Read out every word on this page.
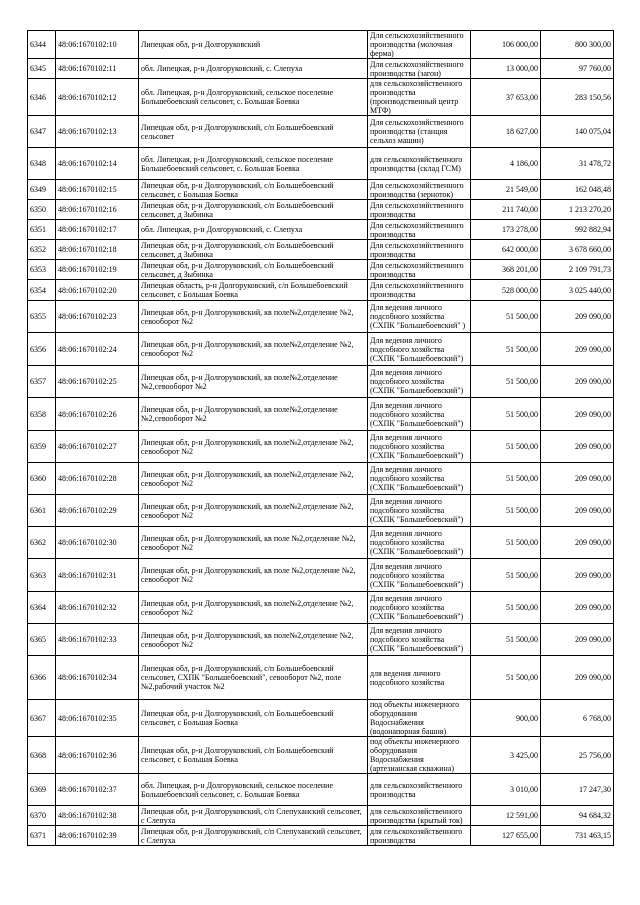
6344	48:06:1670102:10	Липецкая обл, р-н Долгоруковский	Для сельскохозяйственного производства (молочная ферма)	106 000,00	800 300,00
6345	48:06:1670102:11	обл. Липецкая, р-н Долгоруковский, с. Слепуха	Для сельскохозяйственного производства (загон)	13 000,00	97 760,00
6346	48:06:1670102:12	обл. Липецкая, р-н Долгоруковский, сельское поселение Большебоевский сельсовет, с. Большая Боевка	для сельскохозяйственного производства (производственный центр МТФ)	37 653,00	283 150,56
6347	48:06:1670102:13	Липецкая обл, р-н Долгоруковский, с/п Большебоевский сельсовет	Для сельскохозяйственного производства (станция сельхоз машин)	18 627,00	140 075,04
6348	48:06:1670102:14	обл. Липецкая, р-н Долгоруковский, сельское поселение Большебоевский сельсовет, с. Большая Боевка	для сельскохозяйственного производства (склад ГСМ)	4 186,00	31 478,72
6349	48:06:1670102:15	Липецкая обл, р-н Долгоруковский, с/п Большебоевский сельсовет, с Большая Боевка	Для сельскохозяйственного производства (зерноток)	21 549,00	162 048,48
6350	48:06:1670102:16	Липецкая обл, р-н Долгоруковский, с/п Большебоевский сельсовет, д Зыбинка	Для сельскохозяйственного производства	211 740,00	1 213 270,20
6351	48:06:1670102:17	обл. Липецкая, р-н Долгоруковский, с. Слепуха	Для сельскохозяйственного производства	173 278,00	992 882,94
6352	48:06:1670102:18	Липецкая обл, р-н Долгоруковский, с/п Большебоевский сельсовет, д Зыбинка	Для сельскохозяйственного производства	642 000,00	3 678 660,00
6353	48:06:1670102:19	Липецкая обл, р-н Долгоруковский, с/п Большебоевский сельсовет, д Зыбинка	Для сельскохозяйственного производства	368 201,00	2 109 791,73
6354	48:06:1670102:20	Липецкая область, р-н Долгоруковский, с/п Большебоевский сельсовет, с Большая Боевка	Для сельскохозяйственного производства	528 000,00	3 025 440,00
6355	48:06:1670102:23	Липецкая обл, р-н Долгоруковский, кв поле№2,отделение №2, севооборот №2	Для ведения личного подсобного хозяйства (СХПК "Большебоевский" )	51 500,00	209 090,00
6356	48:06:1670102:24	Липецкая обл, р-н Долгоруковский, кв поле№2,отделение №2, севооборот №2	Для ведения личного подсобного хозяйства (СХПК "Большебоевский")	51 500,00	209 090,00
6357	48:06:1670102:25	Липецкая обл, р-н Долгоруковский, кв поле№2,отделение №2,севооборот №2	Для ведения личного подсобного хозяйства (СХПК "Большебоевский")	51 500,00	209 090,00
6358	48:06:1670102:26	Липецкая обл, р-н Долгоруковский, кв поле№2,отделение №2,севооборот №2	Для ведения личного подсобного хозяйства (СХПК "Большебоевский")	51 500,00	209 090,00
6359	48:06:1670102:27	Липецкая обл, р-н Долгоруковский, кв поле№2,отделение №2, севооборот №2	Для ведения личного подсобного хозяйства (СХПК "Большебоевский")	51 500,00	209 090,00
6360	48:06:1670102:28	Липецкая обл, р-н Долгоруковский, кв поле№2,отделение №2, севооборот №2	Для ведения личного подсобного хозяйства (СХПК "Большебоевский")	51 500,00	209 090,00
6361	48:06:1670102:29	Липецкая обл, р-н Долгоруковский, кв поле№2,отделение №2, севооборот №2	Для ведения личного подсобного хозяйства (СХПК "Большебоевский")	51 500,00	209 090,00
6362	48:06:1670102:30	Липецкая обл, р-н Долгоруковский, кв поле №2,отделение №2, севооборот №2	Для ведения личного подсобного хозяйства (СХПК "Большебоевский")	51 500,00	209 090,00
6363	48:06:1670102:31	Липецкая обл, р-н Долгоруковский, кв поле №2,отделение №2, севооборот №2	Для ведения личного подсобного хозяйства (СХПК "Большебоевский")	51 500,00	209 090,00
6364	48:06:1670102:32	Липецкая обл, р-н Долгоруковский, кв поле№2,отделение №2, севооборот №2	Для ведения личного подсобного хозяйства (СХПК "Большебоевский")	51 500,00	209 090,00
6365	48:06:1670102:33	Липецкая обл, р-н Долгоруковский, кв поле№2,отделение №2, севооборот №2	Для ведения личного подсобного хозяйства (СХПК "Большебоевский")	51 500,00	209 090,00
6366	48:06:1670102:34	Липецкая обл, р-н Долгоруковский, с/п Большебоевский сельсовет, СХПК "Большебоевский", севооборот №2, поле №2,рабочий участок №2	для ведения личного подсобного хозяйства	51 500,00	209 090,00
6367	48:06:1670102:35	Липецкая обл, р-н Долгоруковский, с/п Большебоевский сельсовет, с Большая Боевка	под объекты инженерного оборудования Водоснабжения (водонапорная башня)	900,00	6 768,00
6368	48:06:1670102:36	Липецкая обл, р-н Долгоруковский, с/п Большебоевский сельсовет, с Большая Боевка	под объекты инженерного оборудования Водоснабжения (артезианская скважина)	3 425,00	25 756,00
6369	48:06:1670102:37	обл. Липецкая, р-н Долгоруковский, сельское поселение Большебоевский сельсовет, с. Большая Боевка	для сельскохозяйственного производства	3 010,00	17 247,30
6370	48:06:1670102:38	Липецкая обл, р-н Долгоруковский, с/п Слепуханский сельсовет, с Слепуха	для сельскохозяйственного производства (крытый ток)	12 591,00	94 684,32
6371	48:06:1670102:39	Липецкая обл, р-н Долгоруковский, с/п Слепуханский сельсовет, с Слепуха	для сельскохозяйственного производства	127 655,00	731 463,15
